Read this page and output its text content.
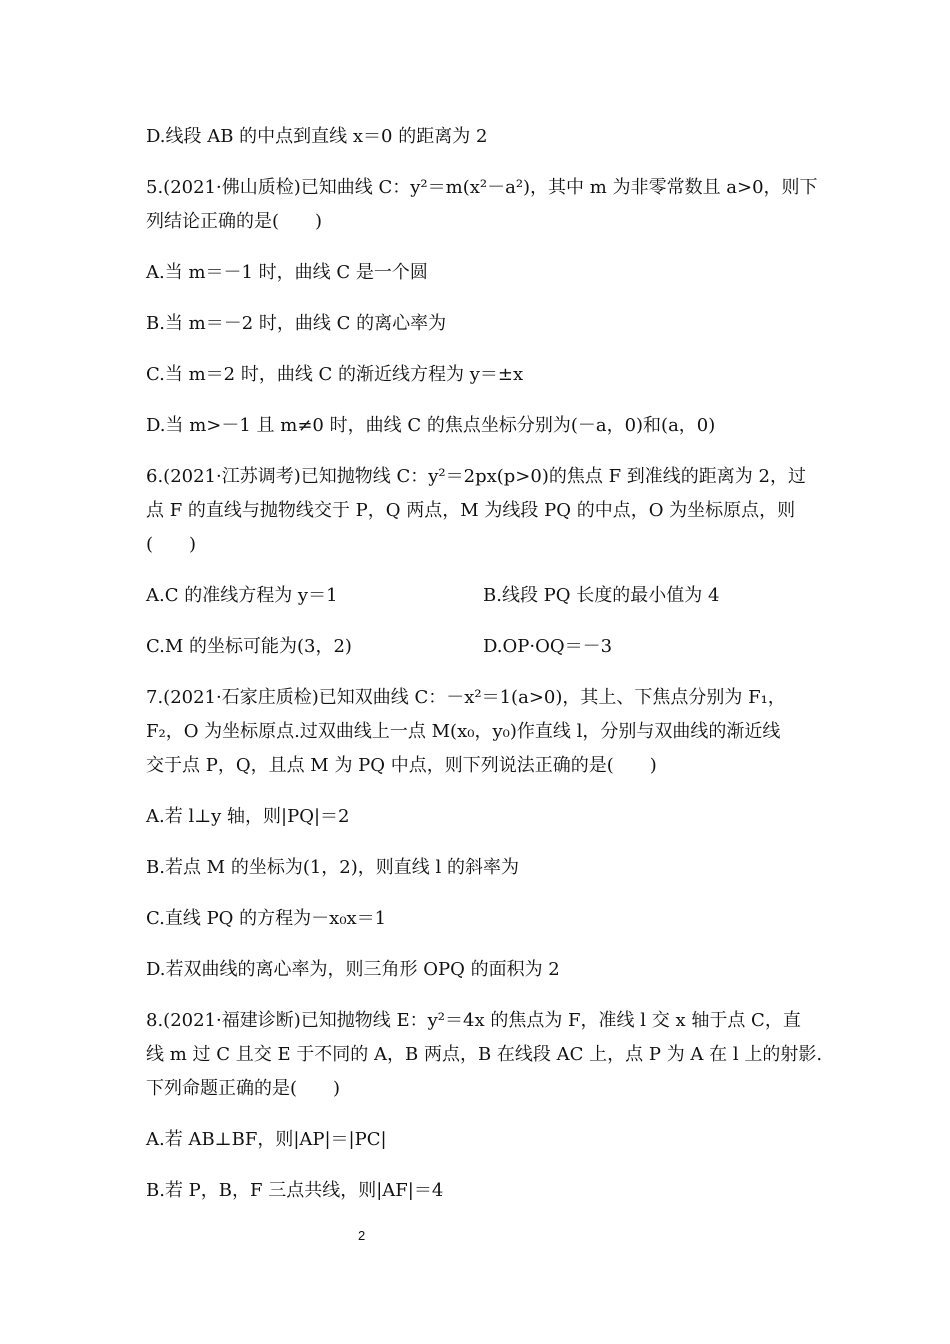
D.线段 AB 的中点到直线 x＝0 的距离为 2
5.(2021·佛山质检)已知曲线 C：y²＝m(x²－a²)，其中 m 为非零常数且 a>0，则下
列结论正确的是(　　)
A.当 m＝－1 时，曲线 C 是一个圆
B.当 m＝－2 时，曲线 C 的离心率为
C.当 m＝2 时，曲线 C 的渐近线方程为 y＝±x
D.当 m>－1 且 m≠0 时，曲线 C 的焦点坐标分别为(－a，0)和(a，0)
6.(2021·江苏调考)已知抛物线 C：y²＝2px(p>0)的焦点 F 到准线的距离为 2，过
点 F 的直线与抛物线交于 P，Q 两点，M 为线段 PQ 的中点，O 为坐标原点，则
(　　)
A.C 的准线方程为 y＝1	B.线段 PQ 长度的最小值为 4
C.M 的坐标可能为(3，2)	D.OP·OQ＝－3
7.(2021·石家庄质检)已知双曲线 C：－x²＝1(a>0)，其上、下焦点分别为 F₁，
F₂，O 为坐标原点.过双曲线上一点 M(x₀，y₀)作直线 l，分别与双曲线的渐近线
交于点 P，Q，且点 M 为 PQ 中点，则下列说法正确的是(　　)
A.若 l⊥y 轴，则|PQ|＝2
B.若点 M 的坐标为(1，2)，则直线 l 的斜率为
C.直线 PQ 的方程为－x₀x＝1
D.若双曲线的离心率为，则三角形 OPQ 的面积为 2
8.(2021·福建诊断)已知抛物线 E：y²＝4x 的焦点为 F，准线 l 交 x 轴于点 C，直
线 m 过 C 且交 E 于不同的 A，B 两点，B 在线段 AC 上，点 P 为 A 在 l 上的射影.
下列命题正确的是(　　)
A.若 AB⊥BF，则|AP|＝|PC|
B.若 P，B，F 三点共线，则|AF|＝4
2
